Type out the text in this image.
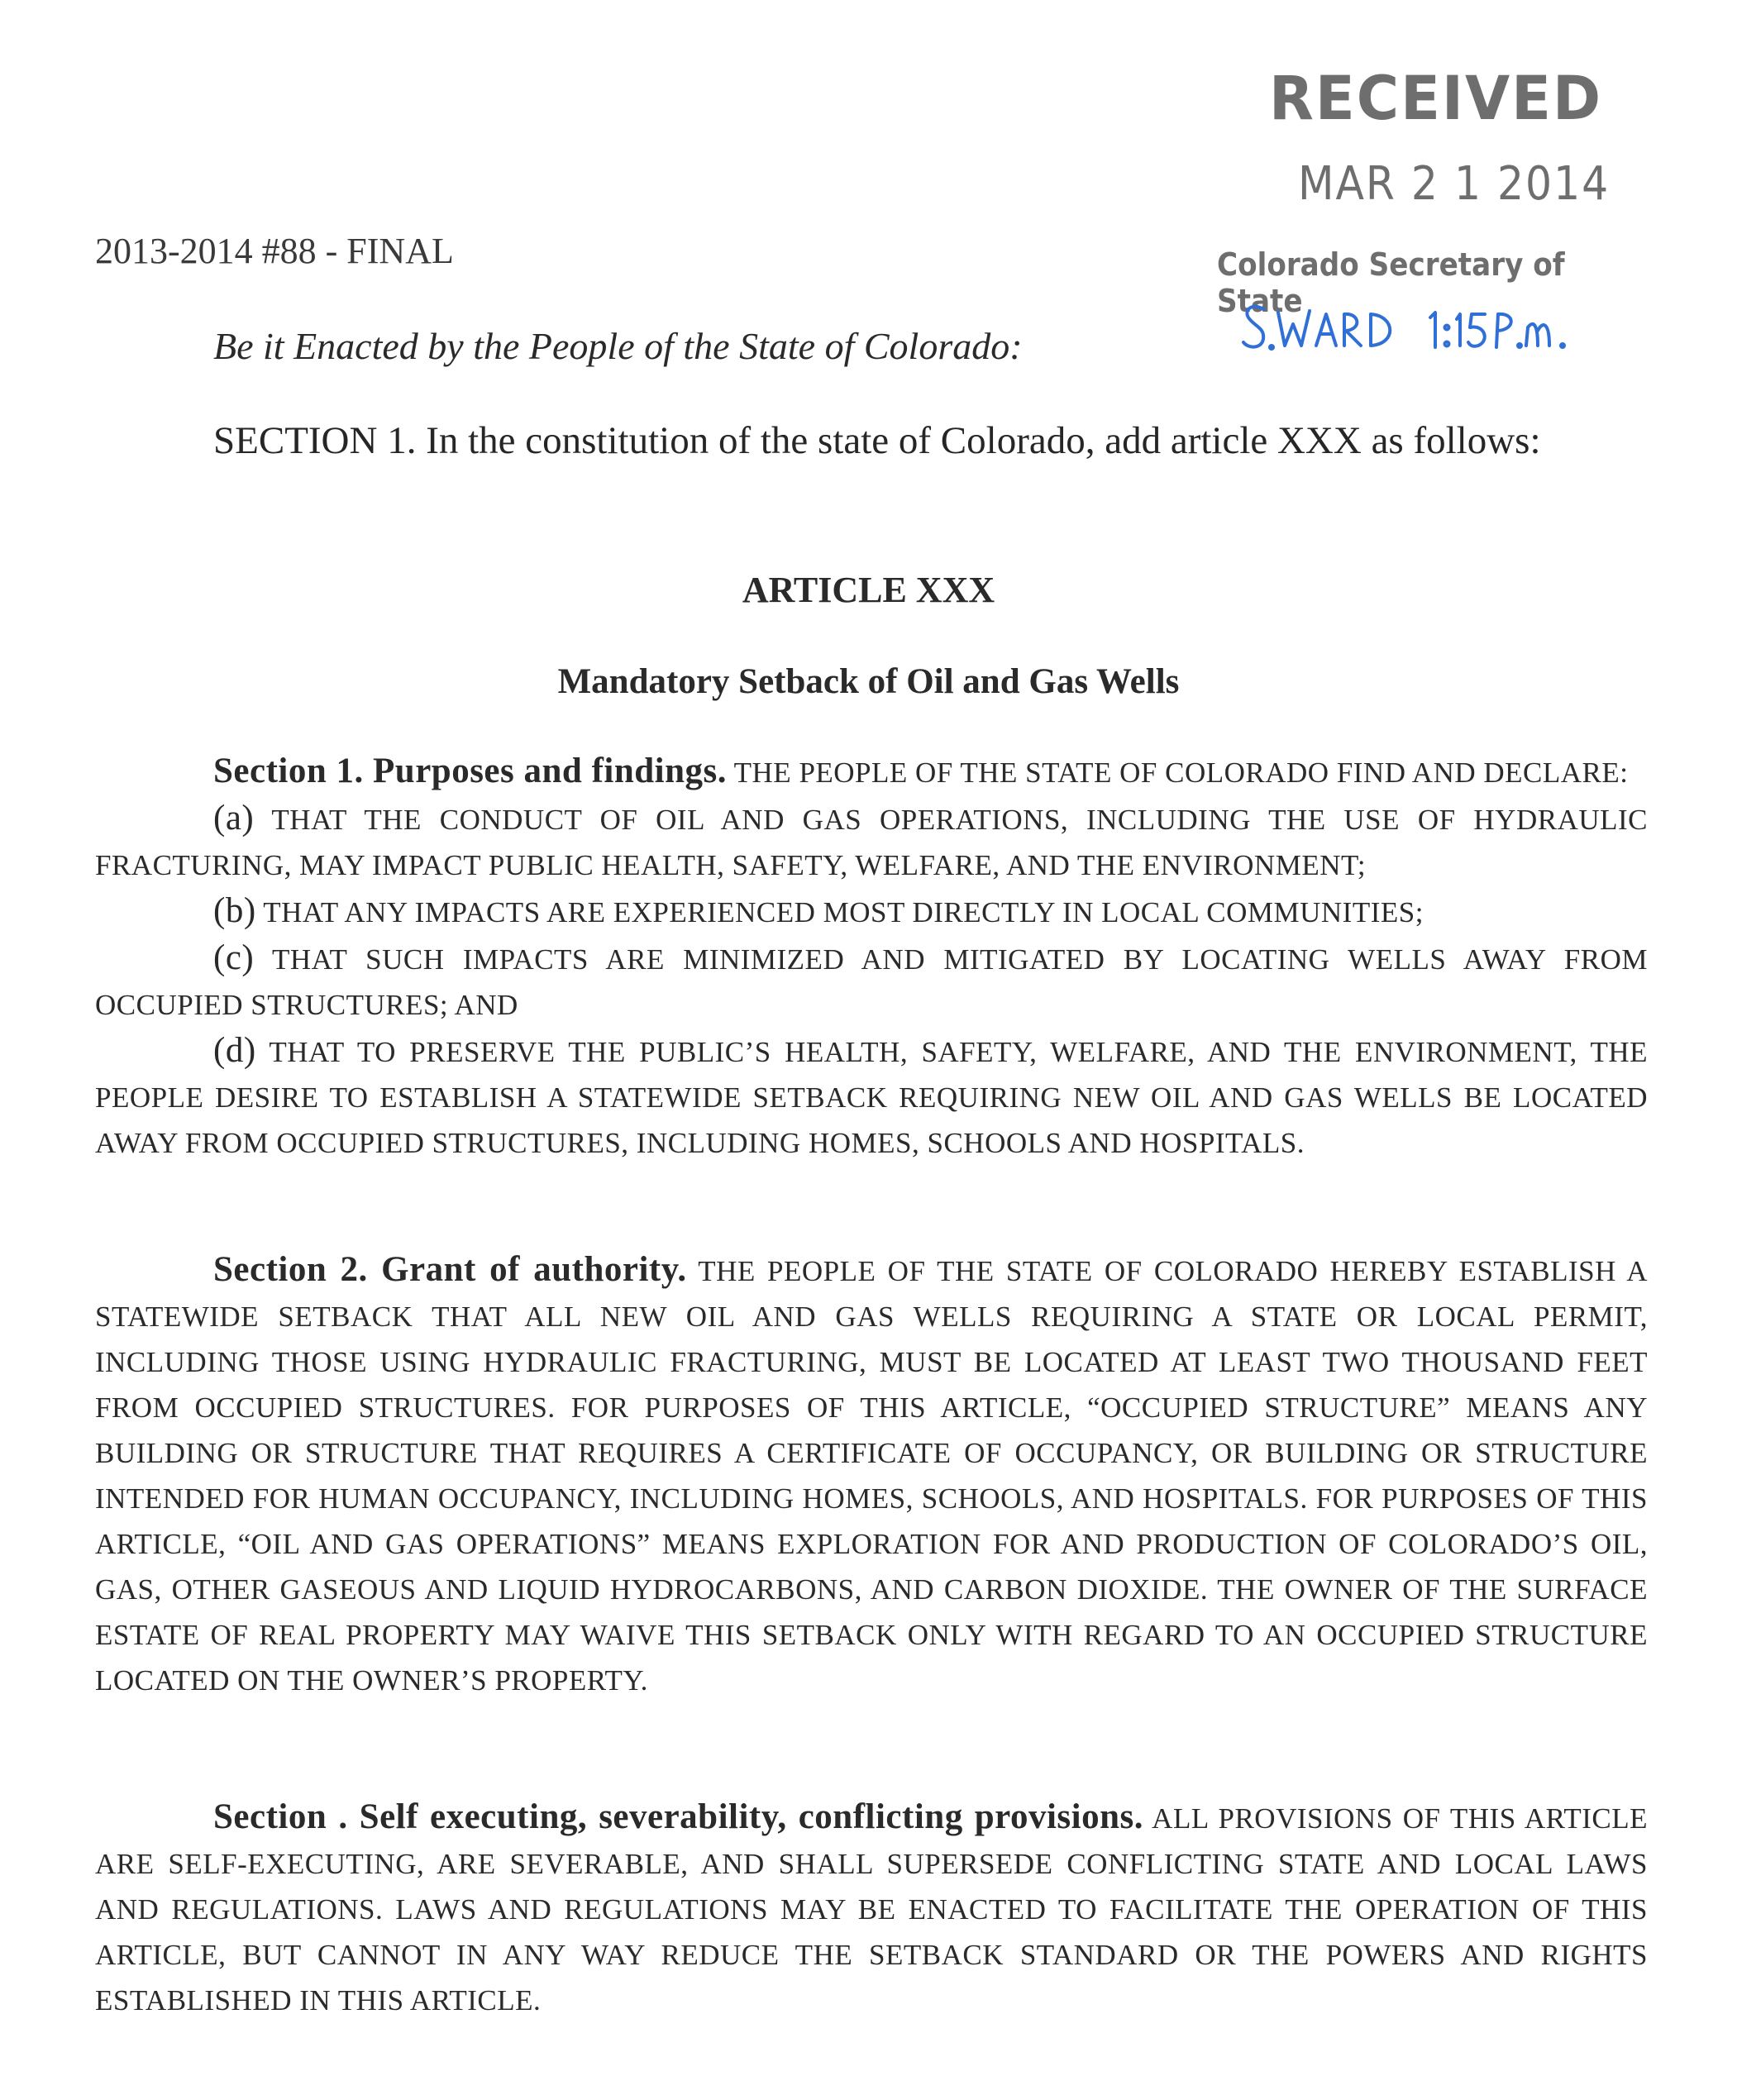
RECEIVED
MAR 2 1 2014
Colorado Secretary of State
2013-2014 #88 - FINAL
Be it Enacted by the People of the State of Colorado:
SECTION 1. In the constitution of the state of Colorado, add article XXX as follows:
ARTICLE XXX
Mandatory Setback of Oil and Gas Wells
Section 1. Purposes and findings. THE PEOPLE OF THE STATE OF COLORADO FIND AND DECLARE:
(a) THAT THE CONDUCT OF OIL AND GAS OPERATIONS, INCLUDING THE USE OF HYDRAULIC FRACTURING, MAY IMPACT PUBLIC HEALTH, SAFETY, WELFARE, AND THE ENVIRONMENT;
(b) THAT ANY IMPACTS ARE EXPERIENCED MOST DIRECTLY IN LOCAL COMMUNITIES;
(c) THAT SUCH IMPACTS ARE MINIMIZED AND MITIGATED BY LOCATING WELLS AWAY FROM OCCUPIED STRUCTURES; AND
(d) THAT TO PRESERVE THE PUBLIC’S HEALTH, SAFETY, WELFARE, AND THE ENVIRONMENT, THE PEOPLE DESIRE TO ESTABLISH A STATEWIDE SETBACK REQUIRING NEW OIL AND GAS WELLS BE LOCATED AWAY FROM OCCUPIED STRUCTURES, INCLUDING HOMES, SCHOOLS AND HOSPITALS.
Section 2. Grant of authority. THE PEOPLE OF THE STATE OF COLORADO HEREBY ESTABLISH A STATEWIDE SETBACK THAT ALL NEW OIL AND GAS WELLS REQUIRING A STATE OR LOCAL PERMIT, INCLUDING THOSE USING HYDRAULIC FRACTURING, MUST BE LOCATED AT LEAST TWO THOUSAND FEET FROM OCCUPIED STRUCTURES. FOR PURPOSES OF THIS ARTICLE, “OCCUPIED STRUCTURE” MEANS ANY BUILDING OR STRUCTURE THAT REQUIRES A CERTIFICATE OF OCCUPANCY, OR BUILDING OR STRUCTURE INTENDED FOR HUMAN OCCUPANCY, INCLUDING HOMES, SCHOOLS, AND HOSPITALS. FOR PURPOSES OF THIS ARTICLE, “OIL AND GAS OPERATIONS” MEANS EXPLORATION FOR AND PRODUCTION OF COLORADO’S OIL, GAS, OTHER GASEOUS AND LIQUID HYDROCARBONS, AND CARBON DIOXIDE. THE OWNER OF THE SURFACE ESTATE OF REAL PROPERTY MAY WAIVE THIS SETBACK ONLY WITH REGARD TO AN OCCUPIED STRUCTURE LOCATED ON THE OWNER’S PROPERTY.
Section . Self executing, severability, conflicting provisions. ALL PROVISIONS OF THIS ARTICLE ARE SELF-EXECUTING, ARE SEVERABLE, AND SHALL SUPERSEDE CONFLICTING STATE AND LOCAL LAWS AND REGULATIONS. LAWS AND REGULATIONS MAY BE ENACTED TO FACILITATE THE OPERATION OF THIS ARTICLE, BUT CANNOT IN ANY WAY REDUCE THE SETBACK STANDARD OR THE POWERS AND RIGHTS ESTABLISHED IN THIS ARTICLE.
